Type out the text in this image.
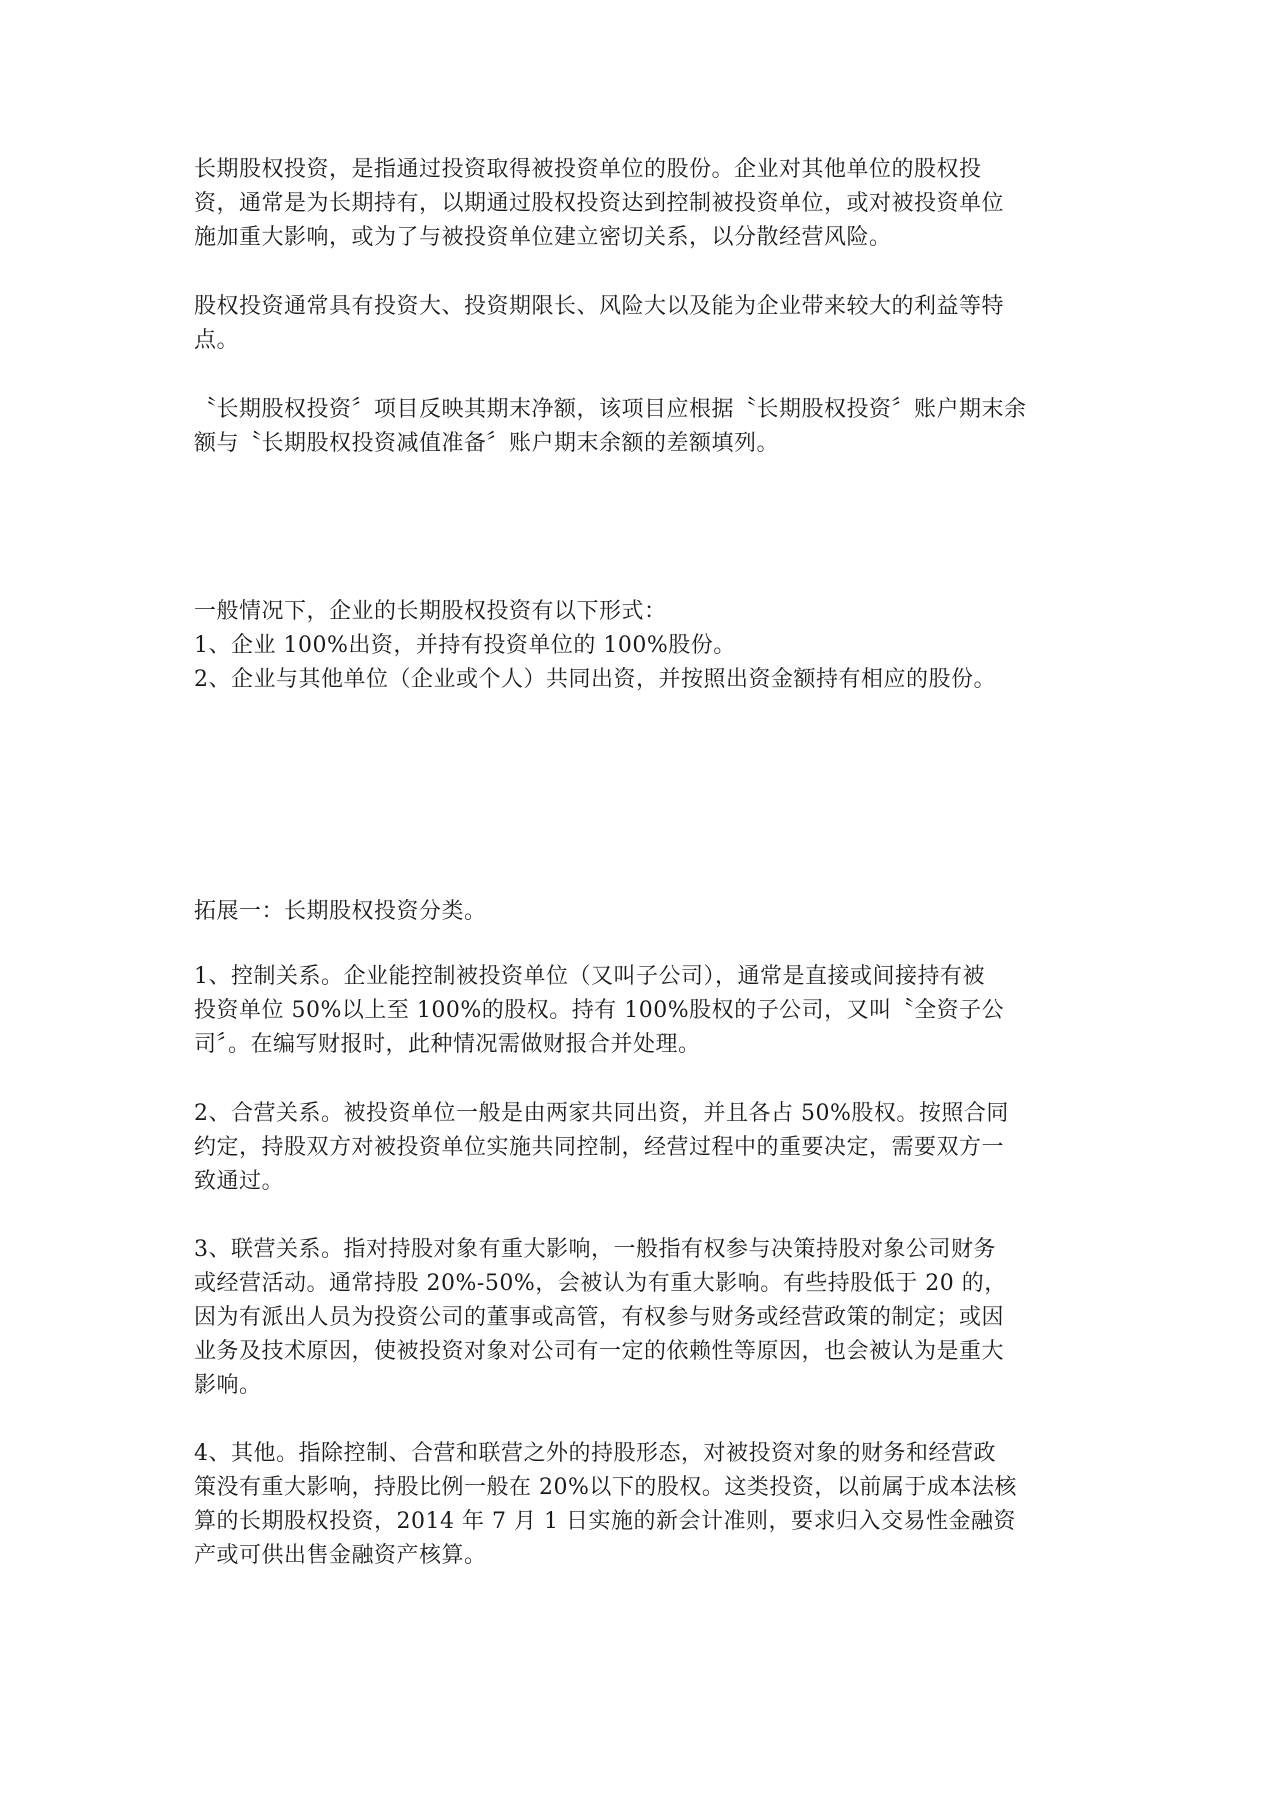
长期股权投资，是指通过投资取得被投资单位的股份。企业对其他单位的股权投
资，通常是为长期持有，以期通过股权投资达到控制被投资单位，或对被投资单位
施加重大影响，或为了与被投资单位建立密切关系，以分散经营风险。
股权投资通常具有投资大、投资期限长、风险大以及能为企业带来较大的利益等特
点。
〝长期股权投资〞项目反映其期末净额，该项目应根据〝长期股权投资〞账户期末余
额与〝长期股权投资减值准备〞账户期末余额的差额填列。
一般情况下，企业的长期股权投资有以下形式：
1、企业 100%出资，并持有投资单位的 100%股份。
2、企业与其他单位（企业或个人）共同出资，并按照出资金额持有相应的股份。
拓展一：长期股权投资分类。
1、控制关系。企业能控制被投资单位（又叫子公司），通常是直接或间接持有被
投资单位 50%以上至 100%的股权。持有 100%股权的子公司，又叫〝全资子公
司〞。在编写财报时，此种情况需做财报合并处理。
2、合营关系。被投资单位一般是由两家共同出资，并且各占 50%股权。按照合同
约定，持股双方对被投资单位实施共同控制，经营过程中的重要决定，需要双方一
致通过。
3、联营关系。指对持股对象有重大影响，一般指有权参与决策持股对象公司财务
或经营活动。通常持股 20%-50%，会被认为有重大影响。有些持股低于 20 的，
因为有派出人员为投资公司的董事或高管，有权参与财务或经营政策的制定；或因
业务及技术原因，使被投资对象对公司有一定的依赖性等原因，也会被认为是重大
影响。
4、其他。指除控制、合营和联营之外的持股形态，对被投资对象的财务和经营政
策没有重大影响，持股比例一般在 20%以下的股权。这类投资，以前属于成本法核
算的长期股权投资，2014 年 7 月 1 日实施的新会计准则，要求归入交易性金融资
产或可供出售金融资产核算。
